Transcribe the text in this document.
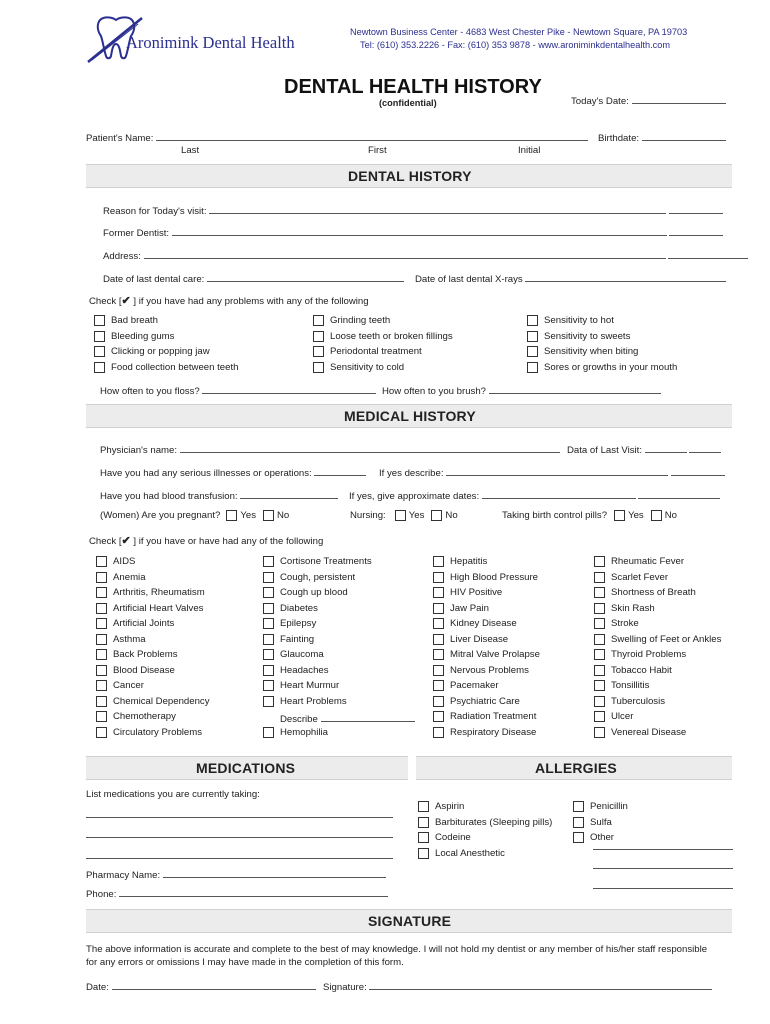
Aronimink Dental Health
Newtown Business Center - 4683 West Chester Pike - Newtown Square, PA 19703
Tel: (610) 353.2226 - Fax: (610) 353 9878 - www.aroniminkdentalhealth.com
DENTAL HEALTH HISTORY
(confidential)	Today's Date:
Patient's Name:	Birthdate:
Last	First	Initial
DENTAL HISTORY
Reason for Today's visit:
Former Dentist:
Address:
Date of last dental care:	Date of last dental X-rays
Check [✔ ] if you have had any problems with any of the following
Bad breath
Bleeding gums
Clicking or popping jaw
Food collection between teeth
Grinding teeth
Loose teeth or broken fillings
Periodontal treatment
Sensitivity to cold
Sensitivity to hot
Sensitivity to sweets
Sensitivity when biting
Sores or growths in your mouth
How often to you floss?	How often to you brush?
MEDICAL HISTORY
Physician's name:	Data of Last Visit:
Have you had any serious illnesses or operations:	If yes describe:
Have you had blood transfusion:	If yes, give approximate dates:
(Women) Are you pregnant? Yes No	Nursing: Yes No	Taking birth control pills? Yes No
Check [✔ ] if you have or have had any of the following
AIDS
Anemia
Arthritis, Rheumatism
Artificial Heart Valves
Artificial Joints
Asthma
Back Problems
Blood Disease
Cancer
Chemical Dependency
Chemotherapy
Circulatory Problems
Cortisone Treatments
Cough, persistent
Cough up blood
Diabetes
Epilepsy
Fainting
Glaucoma
Headaches
Heart Murmur
Heart Problems
Hepatitis
High Blood Pressure
HIV Positive
Jaw Pain
Kidney Disease
Liver Disease
Mitral Valve Prolapse
Nervous Problems
Pacemaker
Psychiatric Care
Radiation Treatment
Respiratory Disease
Rheumatic Fever
Scarlet Fever
Shortness of Breath
Skin Rash
Stroke
Swelling of Feet or Ankles
Thyroid Problems
Tobacco Habit
Tonsillitis
Tuberculosis
Ulcer
Venereal Disease
Describe
Hemophilia
MEDICATIONS	ALLERGIES
List medications you are currently taking:
Pharmacy Name:
Phone:
Aspirin
Barbiturates (Sleeping pills)
Codeine
Local Anesthetic
Penicillin
Sulfa
Other
SIGNATURE
The above information is accurate and complete to the best of may knowledge. I will not hold my dentist or any member of his/her staff responsible
for any errors or omissions I may have made in the completion of this form.
Date:	Signature:
